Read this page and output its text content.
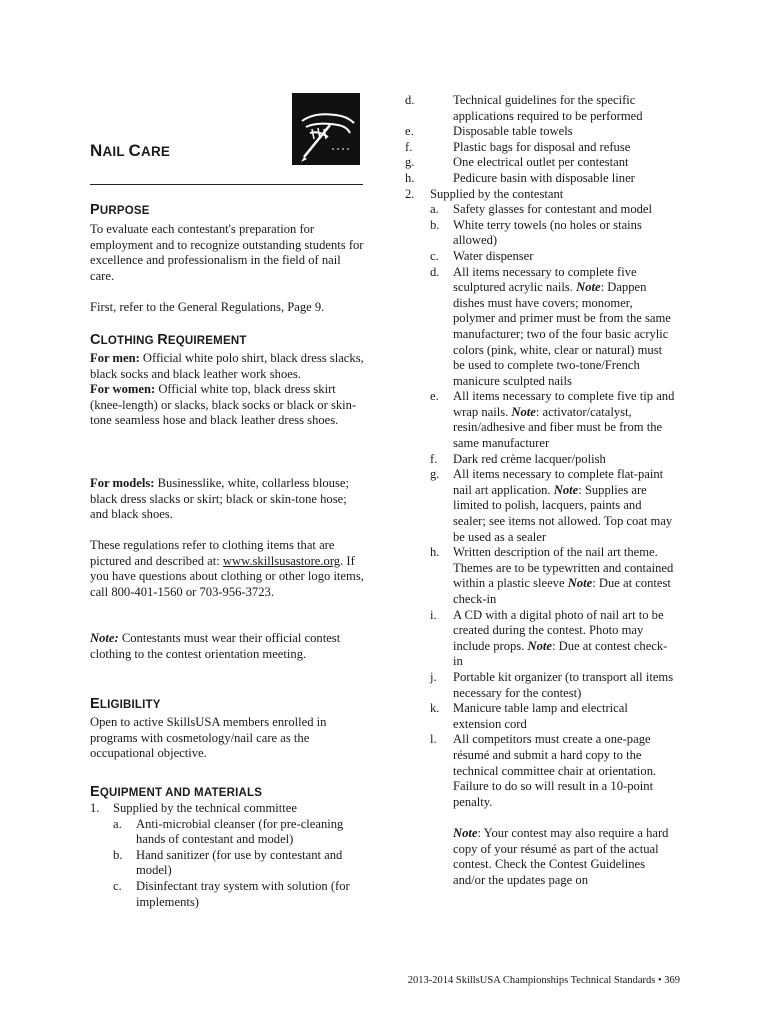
NAIL CARE
PURPOSE

To evaluate each contestant's preparation for employment and to recognize outstanding students for excellence and professionalism in the field of nail care.

First, refer to the General Regulations, Page 9.

CLOTHING REQUIREMENT

For men: Official white polo shirt, black dress slacks, black socks and black leather work shoes.

For women: Official white top, black dress skirt (knee-length) or slacks, black socks or black or skin-tone seamless hose and black leather dress shoes.

For models: Businesslike, white, collarless blouse; black dress slacks or skirt; black or skin-tone hose; and black shoes.

These regulations refer to clothing items that are pictured and described at: www.skillsusastore.org. If you have questions about clothing or other logo items, call 800-401-1560 or 703-956-3723.

Note: Contestants must wear their official contest clothing to the contest orientation meeting.

ELIGIBILITY

Open to active SkillsUSA members enrolled in programs with cosmetology/nail care as the occupational objective.

EQUIPMENT AND MATERIALS
1. Supplied by the technical committee
a. Anti-microbial cleanser (for pre-cleaning hands of contestant and model)
b. Hand sanitizer (for use by contestant and model)
c. Disinfectant tray system with solution (for implements)
d.	Technical guidelines for the specific applications required to be performed
e.	Disposable table towels
f.	Plastic bags for disposal and refuse
g.	One electrical outlet per contestant
h.	Pedicure basin with disposable liner
2. Supplied by the contestant
a. Safety glasses for contestant and model
b. White terry towels (no holes or stains allowed)
c. Water dispenser
d. All items necessary to complete five sculptured acrylic nails. Note: Dappen dishes must have covers; monomer, polymer and primer must be from the same manufacturer; two of the four basic acrylic colors (pink, white, clear or natural) must be used to complete two-tone/French manicure sculpted nails
e. All items necessary to complete five tip and wrap nails. Note: activator/catalyst, resin/adhesive and fiber must be from the same manufacturer
f. Dark red crème lacquer/polish
g. All items necessary to complete flat-paint nail art application. Note: Supplies are limited to polish, lacquers, paints and sealer; see items not allowed. Top coat may be used as a sealer
h. Written description of the nail art theme. Themes are to be typewritten and contained within a plastic sleeve Note: Due at contest check-in
i. A CD with a digital photo of nail art to be created during the contest. Photo may include props. Note: Due at contest check-in
j. Portable kit organizer (to transport all items necessary for the contest)
k. Manicure table lamp and electrical extension cord
l. All competitors must create a one-page résumé and submit a hard copy to the technical committee chair at orientation. Failure to do so will result in a 10-point penalty.
Note: Your contest may also require a hard copy of your résumé as part of the actual contest. Check the Contest Guidelines and/or the updates page on
2013-2014 SkillsUSA Championships Technical Standards • 369
